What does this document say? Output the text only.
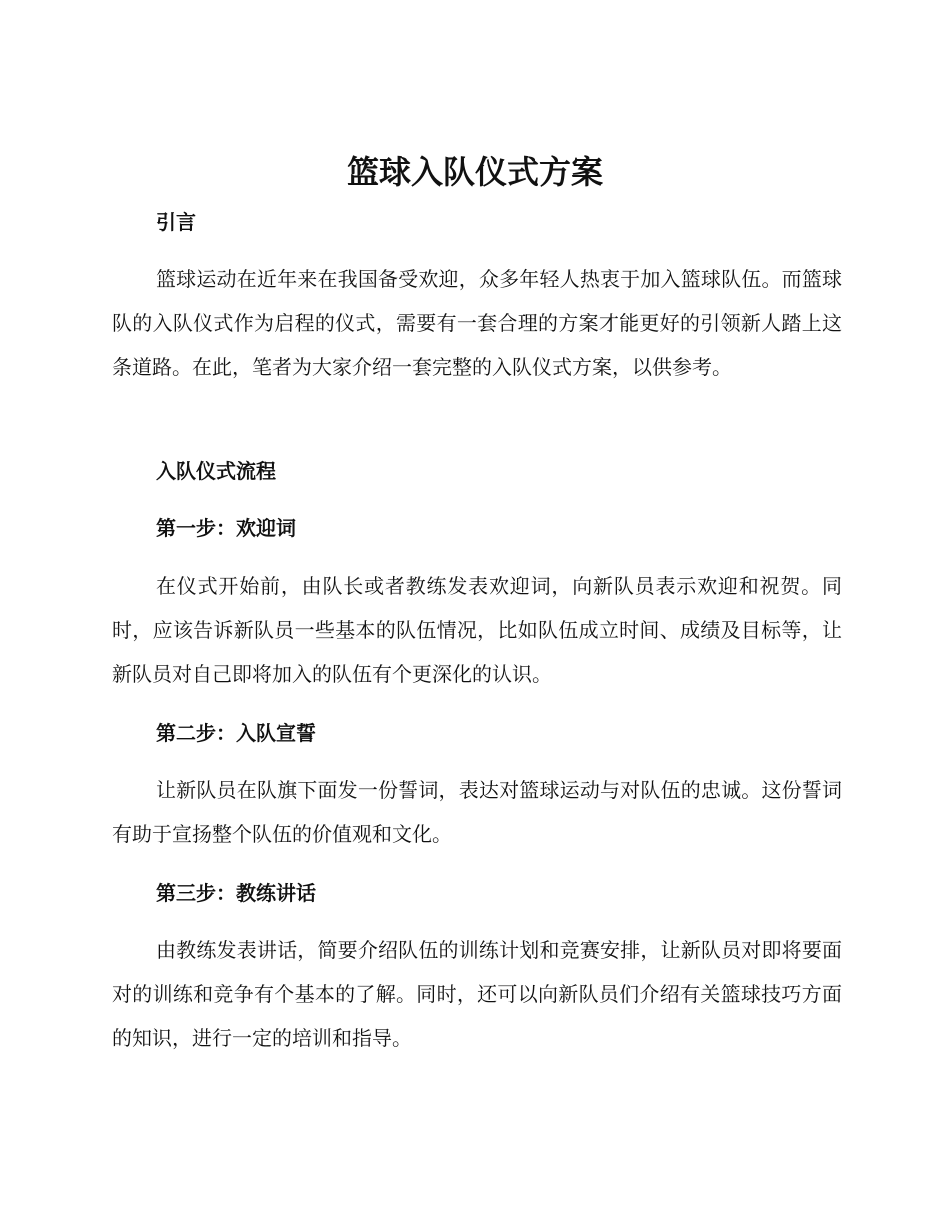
篮球入队仪式方案
引言

篮球运动在近年来在我国备受欢迎，众多年轻人热衷于加入篮球队伍。而篮球队的入队仪式作为启程的仪式，需要有一套合理的方案才能更好的引领新人踏上这条道路。在此，笔者为大家介绍一套完整的入队仪式方案，以供参考。

入队仪式流程
第一步：欢迎词

在仪式开始前，由队长或者教练发表欢迎词，向新队员表示欢迎和祝贺。同时，应该告诉新队员一些基本的队伍情况，比如队伍成立时间、成绩及目标等，让新队员对自己即将加入的队伍有个更深化的认识。

第二步：入队宣誓

让新队员在队旗下面发一份誓词，表达对篮球运动与对队伍的忠诚。这份誓词有助于宣扬整个队伍的价值观和文化。

第三步：教练讲话

由教练发表讲话，简要介绍队伍的训练计划和竞赛安排，让新队员对即将要面对的训练和竞争有个基本的了解。同时，还可以向新队员们介绍有关篮球技巧方面的知识，进行一定的培训和指导。
